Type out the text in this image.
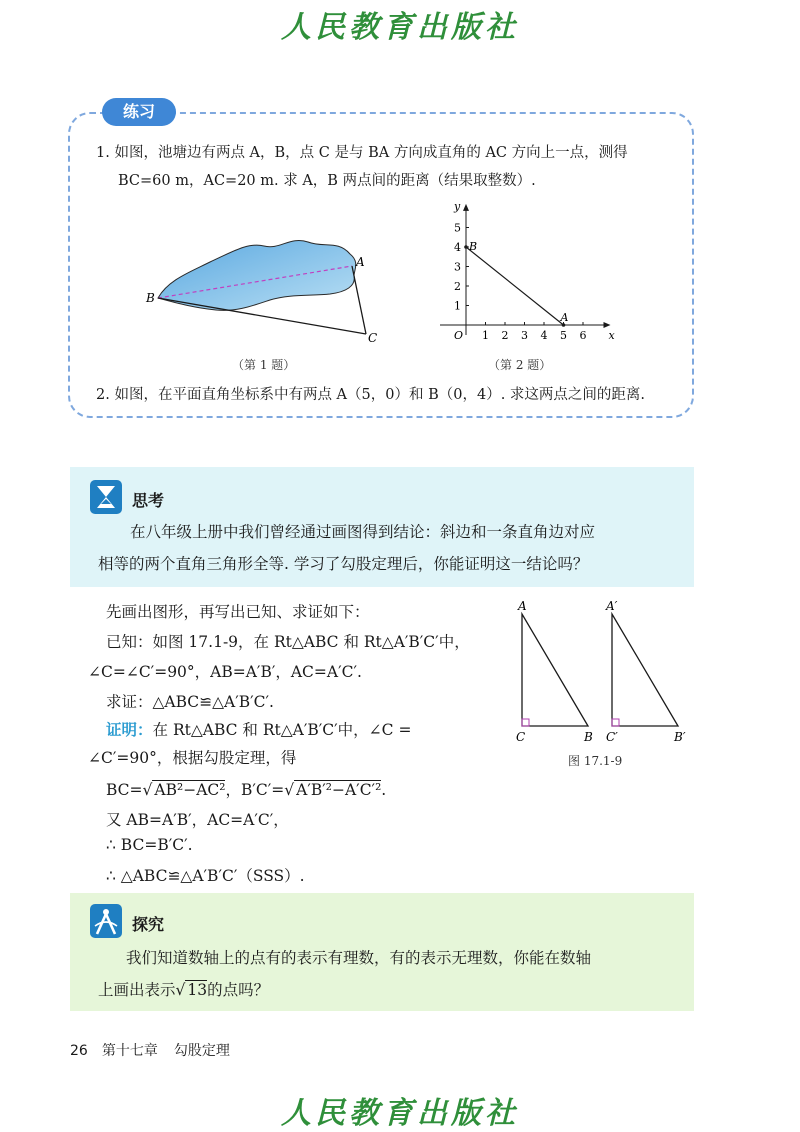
人民教育出版社
练习
1. 如图，池塘边有两点 A，B，点 C 是与 BA 方向成直角的 AC 方向上一点，测得
BC=60 m，AC=20 m. 求 A，B 两点间的距离（结果取整数）.
B
A
C
（第 1 题）
1 2 3 4 5 6
1
2
3
4
5
x
y
O
B
A
（第 2 题）
2. 如图，在平面直角坐标系中有两点 A（5，0）和 B（0，4）. 求这两点之间的距离.
思考
在八年级上册中我们曾经通过画图得到结论：斜边和一条直角边对应
相等的两个直角三角形全等. 学习了勾股定理后，你能证明这一结论吗？
先画出图形，再写出已知、求证如下：
已知：如图 17.1-9，在 Rt△ABC 和 Rt△A′B′C′中，
∠C=∠C′=90°，AB=A′B′，AC=A′C′.
求证：△ABC≌△A′B′C′.
证明：在 Rt△ABC 和 Rt△A′B′C′中，∠C =
∠C′=90°，根据勾股定理，得
BC=√ AB²−AC²，B′C′=√ A′B′²−A′C′².
又 AB=A′B′，AC=A′C′，
∴ BC=B′C′.
∴ △ABC≌△A′B′C′（SSS）.
A
C	B
A′
C′	B′
图 17.1-9
探究
我们知道数轴上的点有的表示有理数，有的表示无理数，你能在数轴
上画出表示√ 13的点吗？
26 第十七章 勾股定理
人民教育出版社
